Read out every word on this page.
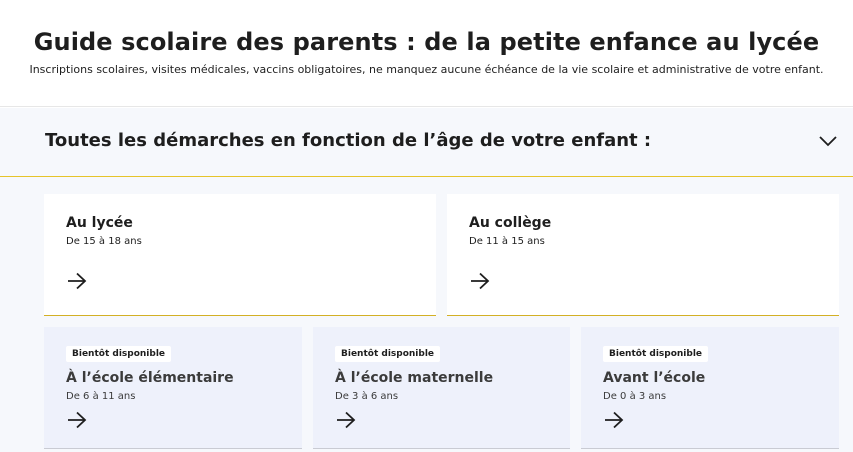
Guide scolaire des parents : de la petite enfance au lycée

Inscriptions scolaires, visites médicales, vaccins obligatoires, ne manquez aucune échéance de la vie scolaire et administrative de votre enfant.

Toutes les démarches en fonction de l’âge de votre enfant :
Au lycée
De 15 à 18 ans
Au collège
De 11 à 15 ans
Bientôt disponible
À l’école élémentaire
De 6 à 11 ans
Bientôt disponible
À l’école maternelle
De 3 à 6 ans
Bientôt disponible
Avant l’école
De 0 à 3 ans
